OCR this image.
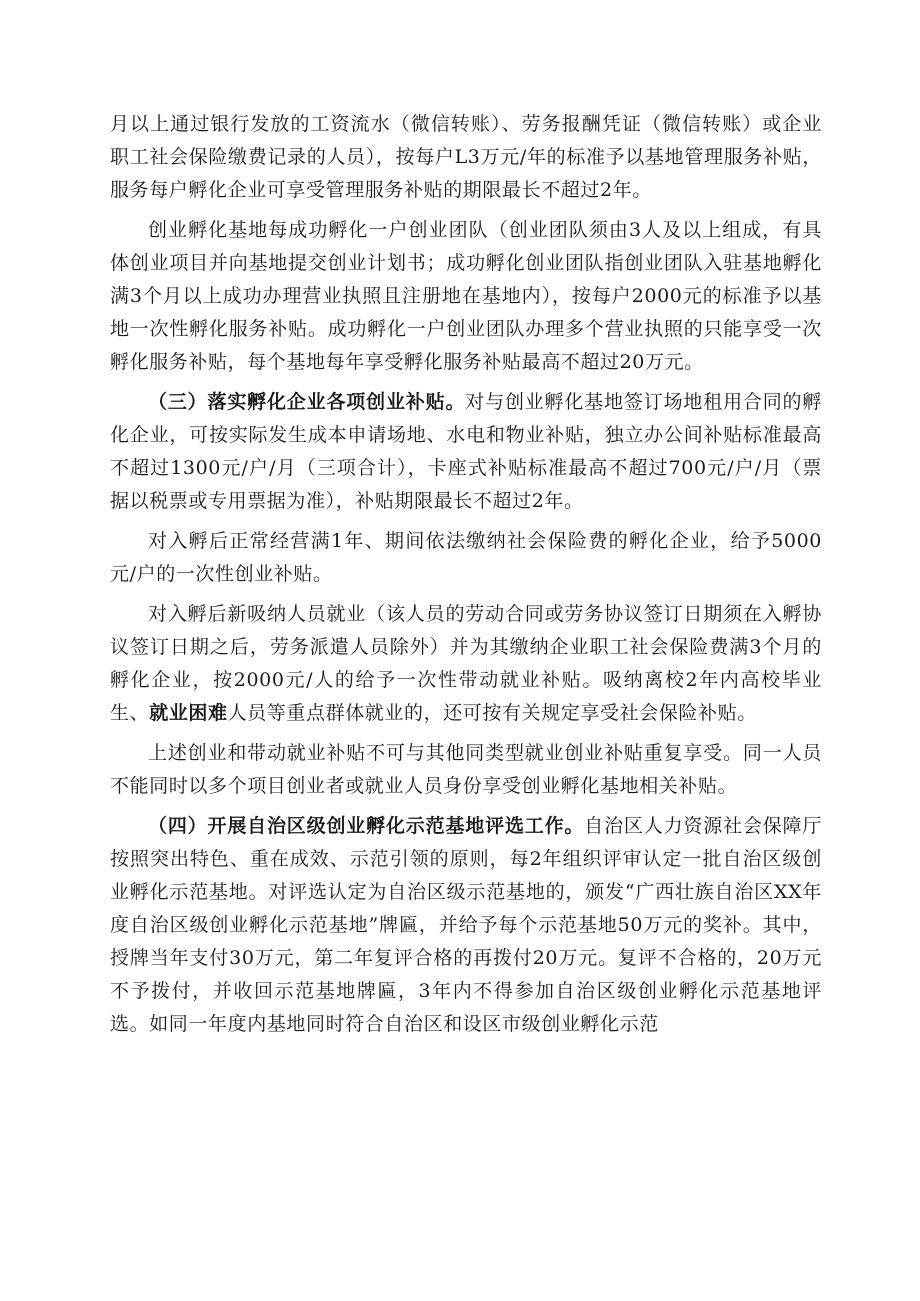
月以上通过银行发放的工资流水（微信转账）、劳务报酬凭证（微信转账）或企业职工社会保险缴费记录的人员），按每户L3万元/年的标准予以基地管理服务补贴，服务每户孵化企业可享受管理服务补贴的期限最长不超过2年。

创业孵化基地每成功孵化一户创业团队（创业团队须由3人及以上组成，有具体创业项目并向基地提交创业计划书；成功孵化创业团队指创业团队入驻基地孵化满3个月以上成功办理营业执照且注册地在基地内），按每户2000元的标准予以基地一次性孵化服务补贴。成功孵化一户创业团队办理多个营业执照的只能享受一次孵化服务补贴，每个基地每年享受孵化服务补贴最高不超过20万元。

（三）落实孵化企业各项创业补贴。对与创业孵化基地签订场地租用合同的孵化企业，可按实际发生成本申请场地、水电和物业补贴，独立办公间补贴标准最高不超过1300元/户/月（三项合计），卡座式补贴标准最高不超过700元/户/月（票据以税票或专用票据为准），补贴期限最长不超过2年。

对入孵后正常经营满1年、期间依法缴纳社会保险费的孵化企业，给予5000元/户的一次性创业补贴。

对入孵后新吸纳人员就业（该人员的劳动合同或劳务协议签订日期须在入孵协议签订日期之后，劳务派遣人员除外）并为其缴纳企业职工社会保险费满3个月的孵化企业，按2000元/人的给予一次性带动就业补贴。吸纳离校2年内高校毕业生、就业困难人员等重点群体就业的，还可按有关规定享受社会保险补贴。

上述创业和带动就业补贴不可与其他同类型就业创业补贴重复享受。同一人员不能同时以多个项目创业者或就业人员身份享受创业孵化基地相关补贴。

（四）开展自治区级创业孵化示范基地评选工作。自治区人力资源社会保障厅按照突出特色、重在成效、示范引领的原则，每2年组织评审认定一批自治区级创业孵化示范基地。对评选认定为自治区级示范基地的，颁发“广西壮族自治区XX年度自治区级创业孵化示范基地”牌匾，并给予每个示范基地50万元的奖补。其中，授牌当年支付30万元，第二年复评合格的再拨付20万元。复评不合格的，20万元不予拨付，并收回示范基地牌匾，3年内不得参加自治区级创业孵化示范基地评选。如同一年度内基地同时符合自治区和设区市级创业孵化示范
